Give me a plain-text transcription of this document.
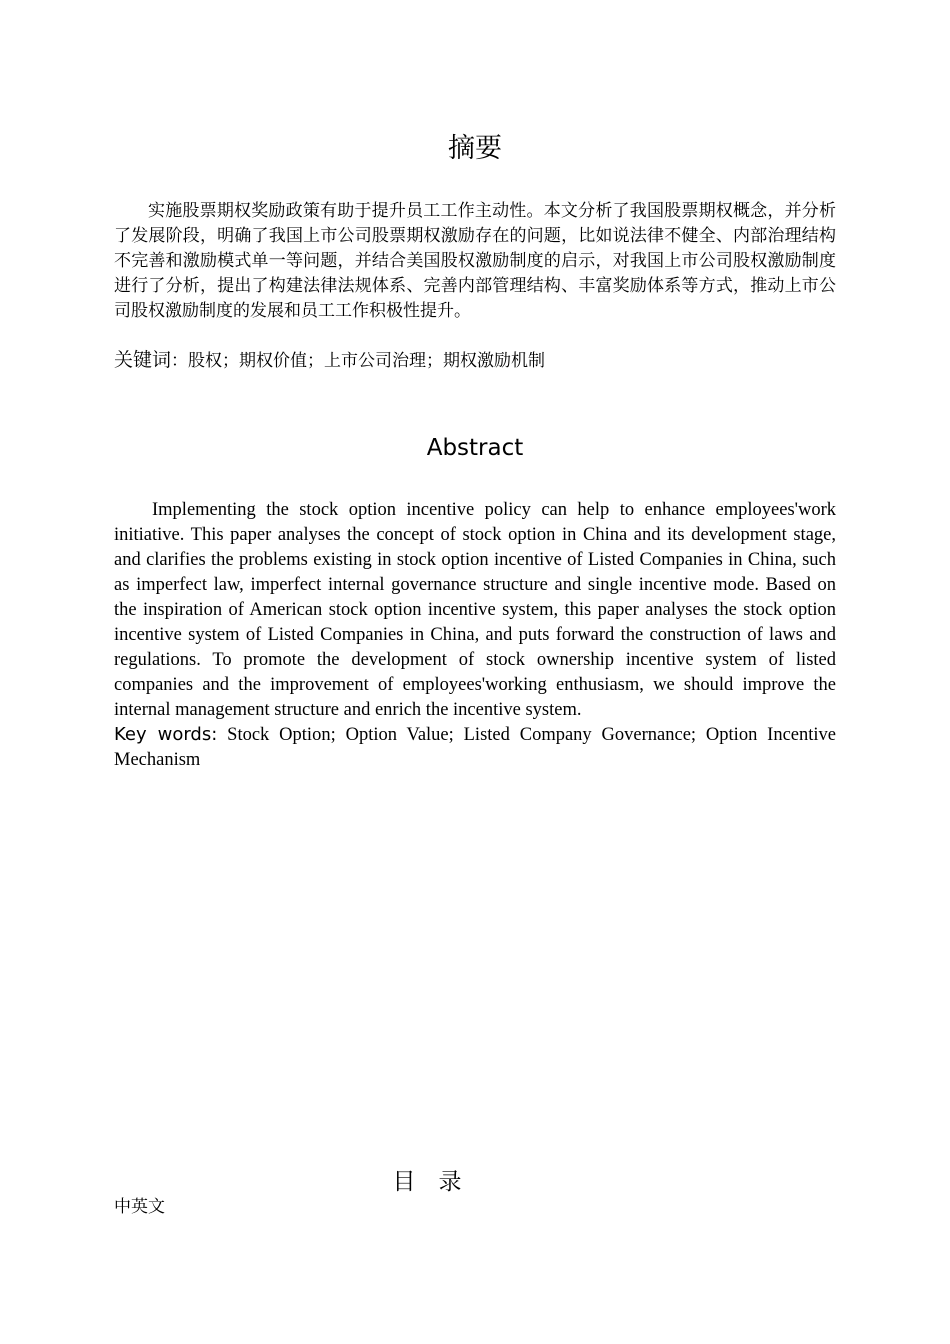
摘要

实施股票期权奖励政策有助于提升员工工作主动性。本文分析了我国股票期权概念，并分析了发展阶段，明确了我国上市公司股票期权激励存在的问题，比如说法律不健全、内部治理结构不完善和激励模式单一等问题，并结合美国股权激励制度的启示，对我国上市公司股权激励制度进行了分析，提出了构建法律法规体系、完善内部管理结构、丰富奖励体系等方式，推动上市公司股权激励制度的发展和员工工作积极性提升。

关键词：股权；期权价值；上市公司治理；期权激励机制

Abstract

Implementing the stock option incentive policy can help to enhance employees'work initiative. This paper analyses the concept of stock option in China and its development stage, and clarifies the problems existing in stock option incentive of Listed Companies in China, such as imperfect law, imperfect internal governance structure and single incentive mode. Based on the inspiration of American stock option incentive system, this paper analyses the stock option incentive system of Listed Companies in China, and puts forward the construction of laws and regulations. To promote the development of stock ownership incentive system of listed companies and the improvement of employees'working enthusiasm, we should improve the internal management structure and enrich the incentive system.

Key words: Stock Option; Option Value; Listed Company Governance; Option Incentive Mechanism

目　录

中英文
